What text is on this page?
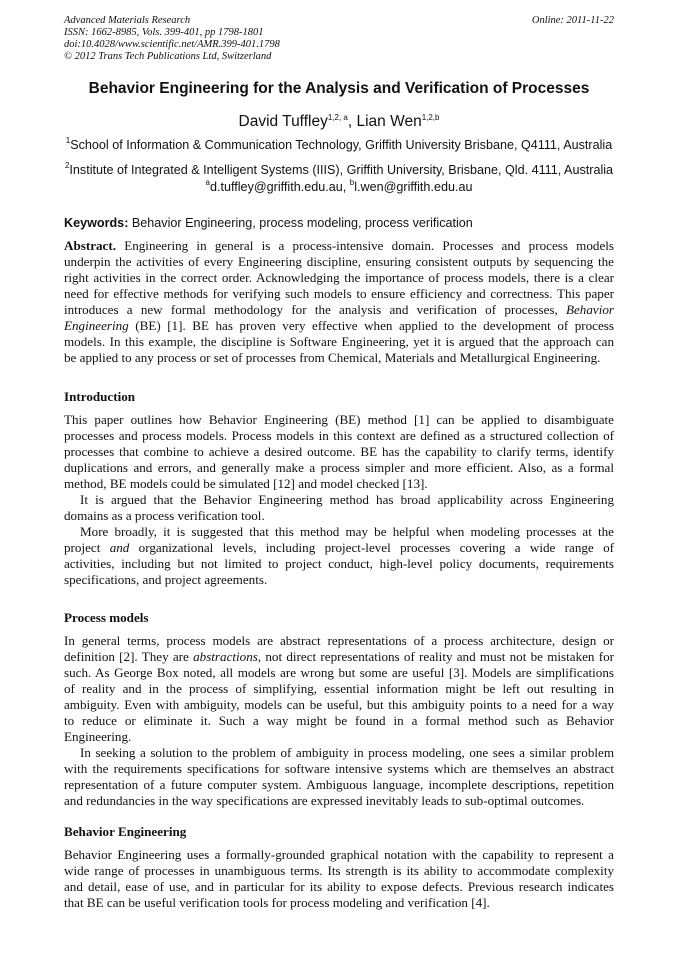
Advanced Materials Research
ISSN: 1662-8985, Vols. 399-401, pp 1798-1801
doi:10.4028/www.scientific.net/AMR.399-401.1798
© 2012 Trans Tech Publications Ltd, Switzerland
Online: 2011-11-22
Behavior Engineering for the Analysis and Verification of Processes
David Tuffley$^{1,2, a}$, Lian Wen$^{1,2,b}$
$^1$School of Information & Communication Technology, Griffith University Brisbane, Q4111, Australia
$^2$Institute of Integrated & Intelligent Systems (IIIS), Griffith University, Brisbane, Qld. 4111, Australia
$^a$d.tuffley@griffith.edu.au, $^b$l.wen@griffith.edu.au
Keywords: Behavior Engineering, process modeling, process verification
Abstract. Engineering in general is a process-intensive domain. Processes and process models
underpin the activities of every Engineering discipline, ensuring consistent outputs by sequencing the
right activities in the correct order. Acknowledging the importance of process models, there is a clear
need for effective methods for verifying such models to ensure efficiency and correctness. This paper
introduces a new formal methodology for the analysis and verification of processes, Behavior
Engineering (BE) [1]. BE has proven very effective when applied to the development of process
models. In this example, the discipline is Software Engineering, yet it is argued that the approach can
be applied to any process or set of processes from Chemical, Materials and Metallurgical Engineering.
Introduction
This paper outlines how Behavior Engineering (BE) method [1] can be applied to disambiguate
processes and process models. Process models in this context are defined as a structured collection of
processes that combine to achieve a desired outcome. BE has the capability to clarify terms, identify
duplications and errors, and generally make a process simpler and more efficient. Also, as a formal
method, BE models could be simulated [12] and model checked [13].
It is argued that the Behavior Engineering method has broad applicability across Engineering
domains as a process verification tool.
More broadly, it is suggested that this method may be helpful when modeling processes at the
project and organizational levels, including project-level processes covering a wide range of
activities, including but not limited to project conduct, high-level policy documents, requirements
specifications, and project agreements.
Process models
In general terms, process models are abstract representations of a process architecture, design or
definition [2]. They are abstractions, not direct representations of reality and must not be mistaken for
such. As George Box noted, all models are wrong but some are useful [3]. Models are simplifications
of reality and in the process of simplifying, essential information might be left out resulting in
ambiguity. Even with ambiguity, models can be useful, but this ambiguity points to a need for a way
to reduce or eliminate it. Such a way might be found in a formal method such as Behavior
Engineering.
In seeking a solution to the problem of ambiguity in process modeling, one sees a similar problem
with the requirements specifications for software intensive systems which are themselves an abstract
representation of a future computer system. Ambiguous language, incomplete descriptions, repetition
and redundancies in the way specifications are expressed inevitably leads to sub-optimal outcomes.
Behavior Engineering
Behavior Engineering uses a formally-grounded graphical notation with the capability to represent a
wide range of processes in unambiguous terms. Its strength is its ability to accommodate complexity
and detail, ease of use, and in particular for its ability to expose defects. Previous research indicates
that BE can be useful verification tools for process modeling and verification [4].
